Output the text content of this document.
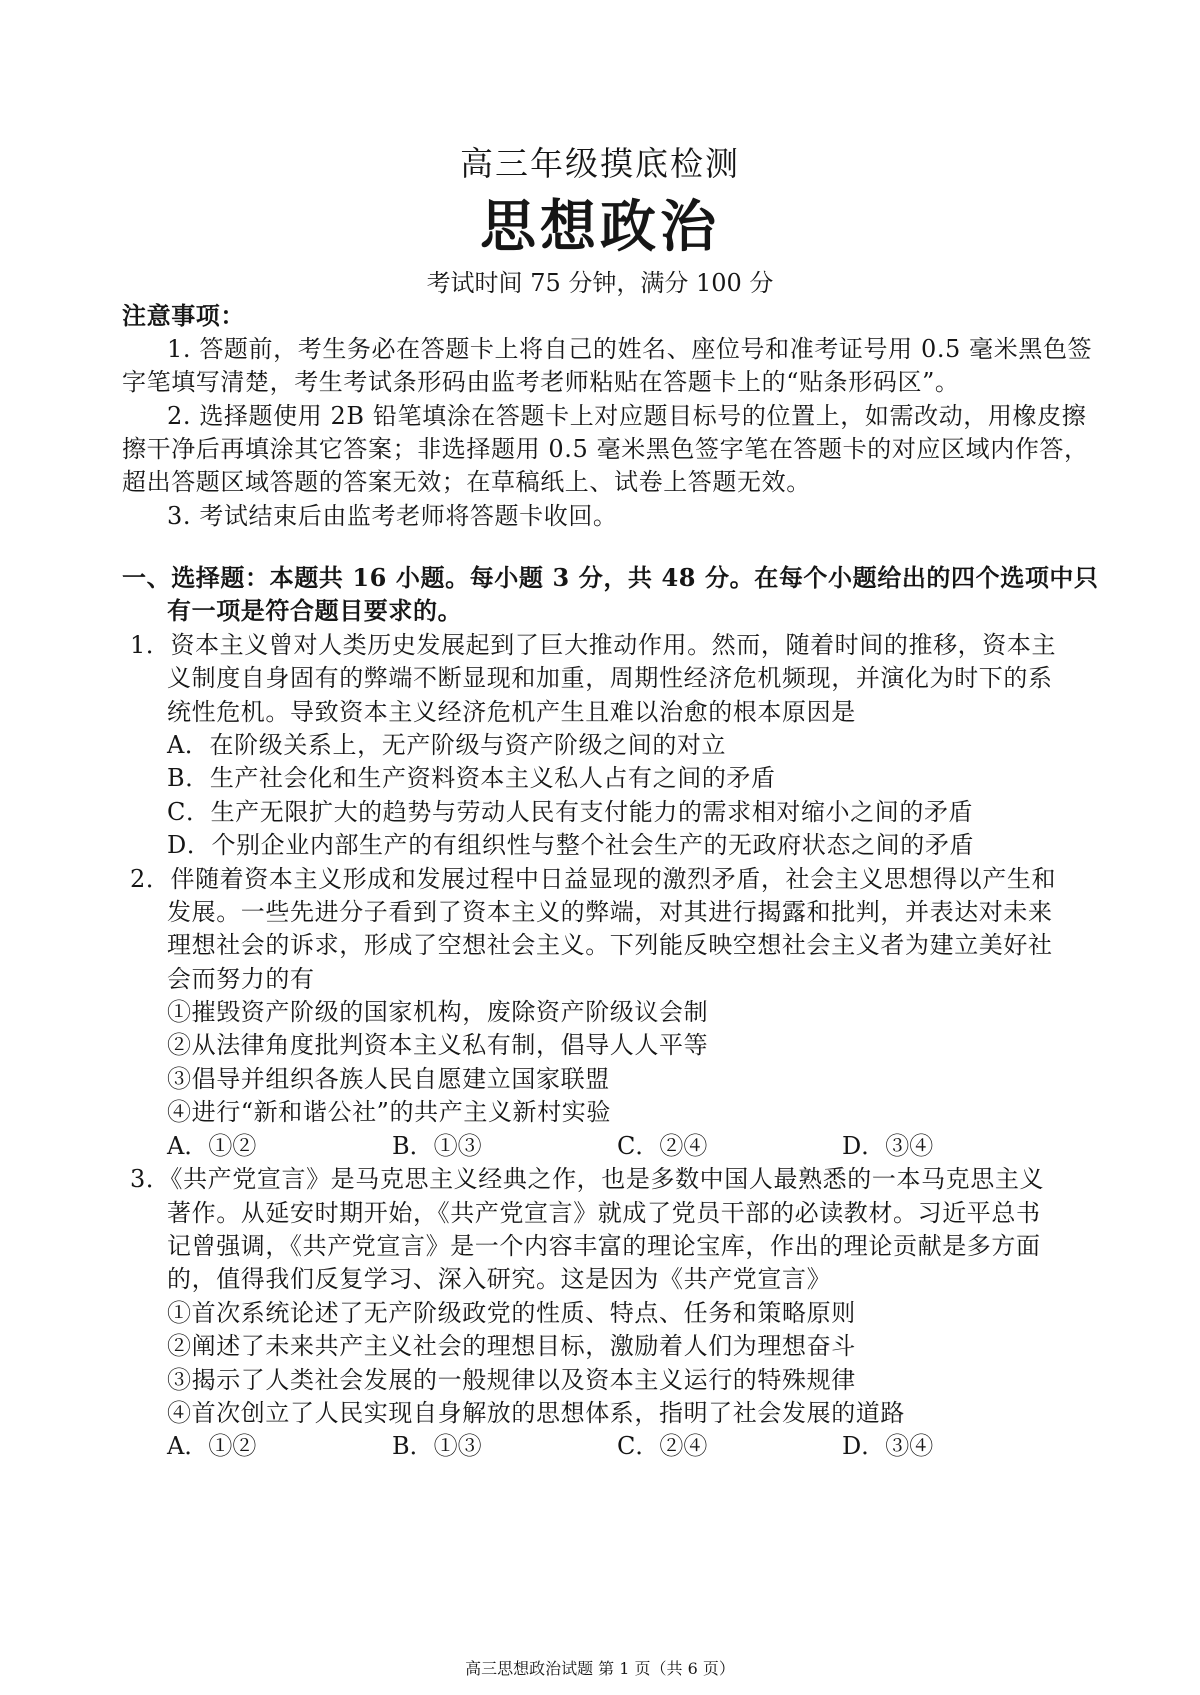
高三年级摸底检测
思想政治
考试时间 75 分钟，满分 100 分
注意事项：
1. 答题前，考生务必在答题卡上将自己的姓名、座位号和准考证号用 0.5 毫米黑色签
字笔填写清楚，考生考试条形码由监考老师粘贴在答题卡上的“贴条形码区”。
2. 选择题使用 2B 铅笔填涂在答题卡上对应题目标号的位置上，如需改动，用橡皮擦
擦干净后再填涂其它答案；非选择题用 0.5 毫米黑色签字笔在答题卡的对应区域内作答，
超出答题区域答题的答案无效；在草稿纸上、试卷上答题无效。
3. 考试结束后由监考老师将答题卡收回。
一、选择题：本题共 16 小题。每小题 3 分，共 48 分。在每个小题给出的四个选项中只
有一项是符合题目要求的。
1．资本主义曾对人类历史发展起到了巨大推动作用。然而，随着时间的推移，资本主
义制度自身固有的弊端不断显现和加重，周期性经济危机频现，并演化为时下的系
统性危机。导致资本主义经济危机产生且难以治愈的根本原因是
A．在阶级关系上，无产阶级与资产阶级之间的对立
B．生产社会化和生产资料资本主义私人占有之间的矛盾
C．生产无限扩大的趋势与劳动人民有支付能力的需求相对缩小之间的矛盾
D．个别企业内部生产的有组织性与整个社会生产的无政府状态之间的矛盾
2．伴随着资本主义形成和发展过程中日益显现的激烈矛盾，社会主义思想得以产生和
发展。一些先进分子看到了资本主义的弊端，对其进行揭露和批判，并表达对未来
理想社会的诉求，形成了空想社会主义。下列能反映空想社会主义者为建立美好社
会而努力的有
①摧毁资产阶级的国家机构，废除资产阶级议会制
②从法律角度批判资本主义私有制，倡导人人平等
③倡导并组织各族人民自愿建立国家联盟
④进行“新和谐公社”的共产主义新村实验
A．①②	B．①③	C．②④	D．③④
3．《共产党宣言》是马克思主义经典之作，也是多数中国人最熟悉的一本马克思主义
著作。从延安时期开始，《共产党宣言》就成了党员干部的必读教材。习近平总书
记曾强调，《共产党宣言》是一个内容丰富的理论宝库，作出的理论贡献是多方面
的，值得我们反复学习、深入研究。这是因为《共产党宣言》
①首次系统论述了无产阶级政党的性质、特点、任务和策略原则
②阐述了未来共产主义社会的理想目标，激励着人们为理想奋斗
③揭示了人类社会发展的一般规律以及资本主义运行的特殊规律
④首次创立了人民实现自身解放的思想体系，指明了社会发展的道路
A．①②	B．①③	C．②④	D．③④
高三思想政治试题 第 1 页（共 6 页）
